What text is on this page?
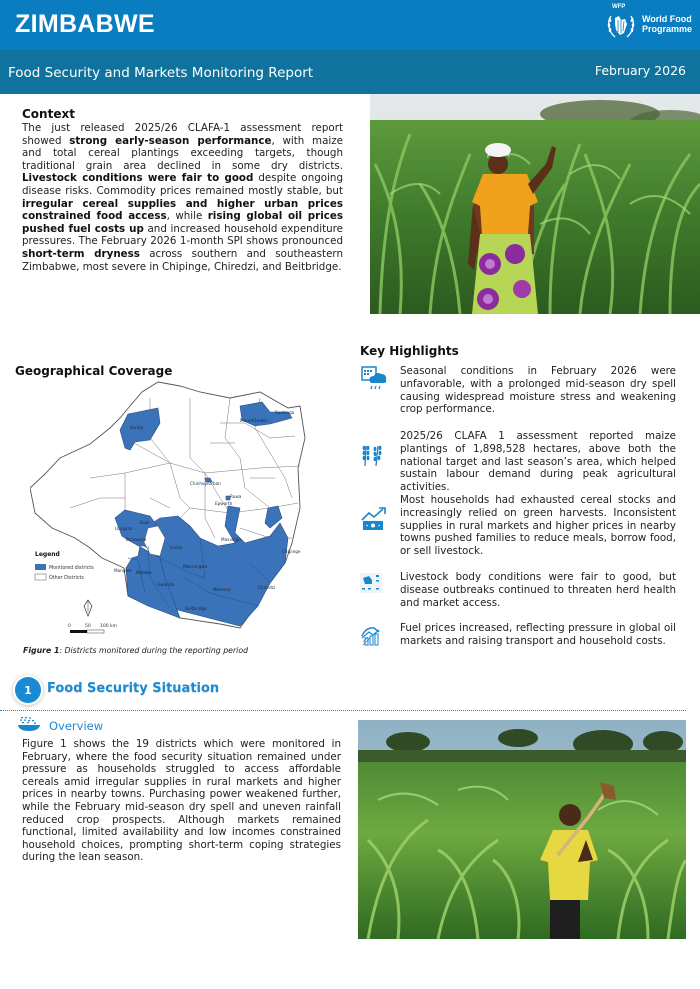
ZIMBABWE
WFP
World Food
Programme
Food Security and Markets Monitoring Report	February 2026
Context

The just released 2025/26 CLAFA-1 assessment report showed strong early-season performance, with maize and total cereal plantings exceeding targets, though traditional grain area declined in some dry districts. Livestock conditions were fair to good despite ongoing disease risks. Commodity prices remained mostly stable, but irregular cereal supplies and higher urban prices constrained food access, while rising global oil prices pushed fuel costs up and increased household expenditure pressures. The February 2026 1-month SPI shows pronounced short-term dryness across southern and southeastern Zimbabwe, most severe in Chipinge, Chiredzi, and Beitbridge.

Geographical Coverage
Kariba
MountDarwin
Rushinga
ChinhoyiUrban
Ruwa
Epworth
Umguza
Bubi
Bulawayo
Insiza
Masvingo
Chipinge
Mangwe Matobo
Mberengwa
Gwanda
Mwenezi	Chiredzi
Beitbridge
Legend
Monitored districts
Other Districts
0	50 100 km
Figure 1: Districts monitored during the reporting period
Key Highlights
Seasonal conditions in February 2026 were unfavorable, with a prolonged mid-season dry spell causing widespread moisture stress and weakening crop performance.
2025/26 CLAFA 1 assessment reported maize plantings of 1,898,528 hectares, above both the national target and last season’s area, which helped sustain labour demand during peak agricultural activities.
Most households had exhausted cereal stocks and increasingly relied on green harvests. Inconsistent supplies in rural markets and higher prices in nearby towns pushed families to reduce meals, borrow food, or sell livestock.
Livestock body conditions were fair to good, but disease outbreaks continued to threaten herd health and market access.
Fuel prices increased, reflecting pressure in global oil markets and raising transport and household costs.
1	Food Security Situation
Overview
Figure 1 shows the 19 districts which were monitored in February, where the food security situation remained under pressure as households struggled to access affordable cereals amid irregular supplies in rural markets and higher prices in nearby towns. Purchasing power weakened further, while the February mid-season dry spell and uneven rainfall reduced crop prospects. Although markets remained functional, limited availability and low incomes constrained household choices, prompting short-term coping strategies during the lean season.
